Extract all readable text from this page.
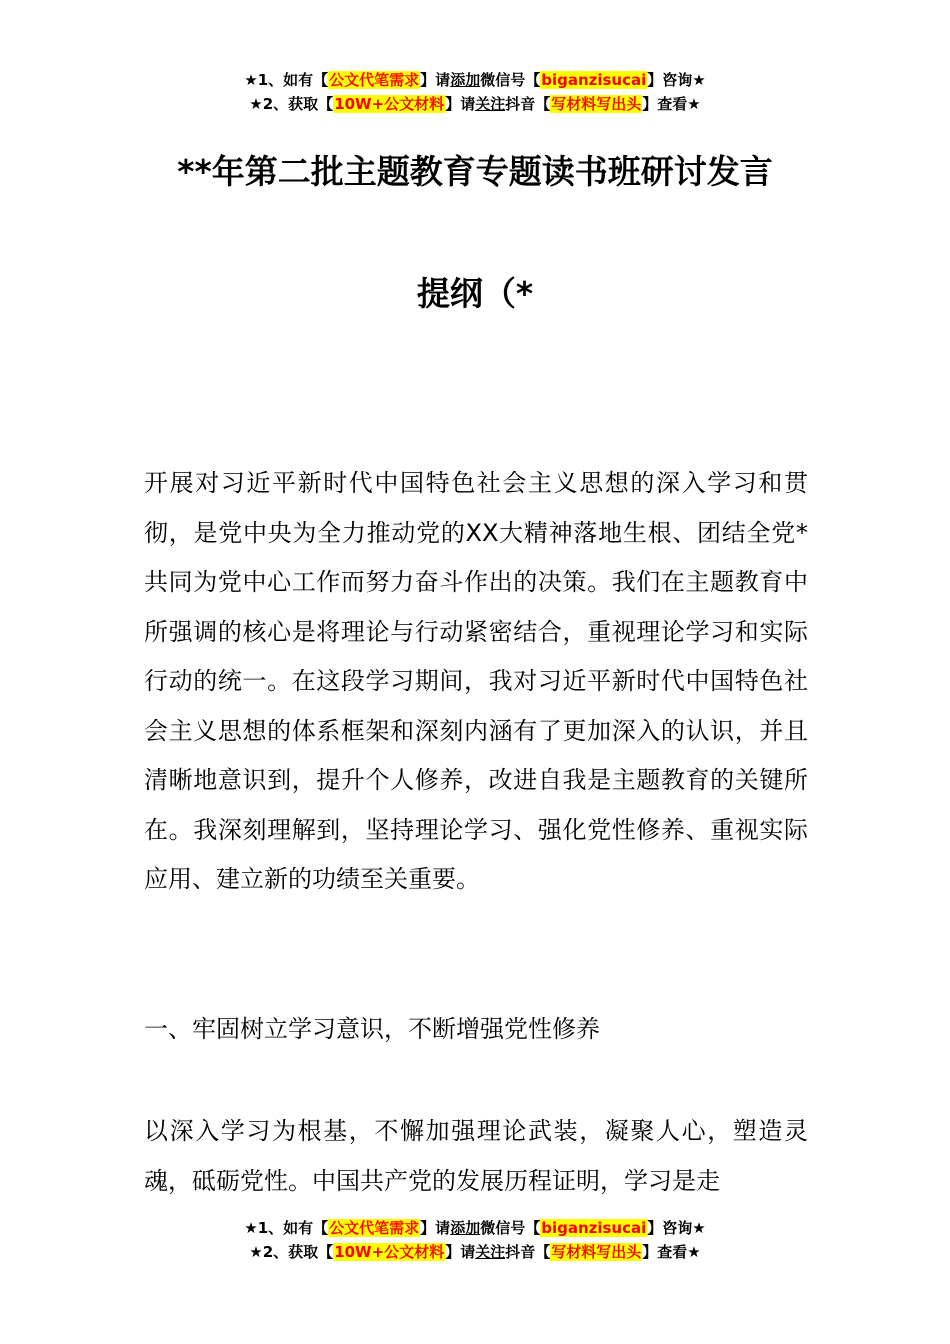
★1、如有【公文代笔需求】请添加微信号【biganzisucai】咨询★
★2、获取【10W+公文材料】请关注抖音【写材料写出头】查看★
**年第二批主题教育专题读书班研讨发言
提纲（*

开展对习近平新时代中国特色社会主义思想的深入学习和贯彻，是党中央为全力推动党的XX大精神落地生根、团结全党*共同为党中心工作而努力奋斗作出的决策。我们在主题教育中所强调的核心是将理论与行动紧密结合，重视理论学习和实际行动的统一。在这段学习期间，我对习近平新时代中国特色社会主义思想的体系框架和深刻内涵有了更加深入的认识，并且清晰地意识到，提升个人修养，改进自我是主题教育的关键所在。我深刻理解到，坚持理论学习、强化党性修养、重视实际应用、建立新的功绩至关重要。

一、牢固树立学习意识，不断增强党性修养

以深入学习为根基，不懈加强理论武装，凝聚人心，塑造灵魂，砥砺党性。中国共产党的发展历程证明，学习是走

★1、如有【公文代笔需求】请添加微信号【biganzisucai】咨询★
★2、获取【10W+公文材料】请关注抖音【写材料写出头】查看★
